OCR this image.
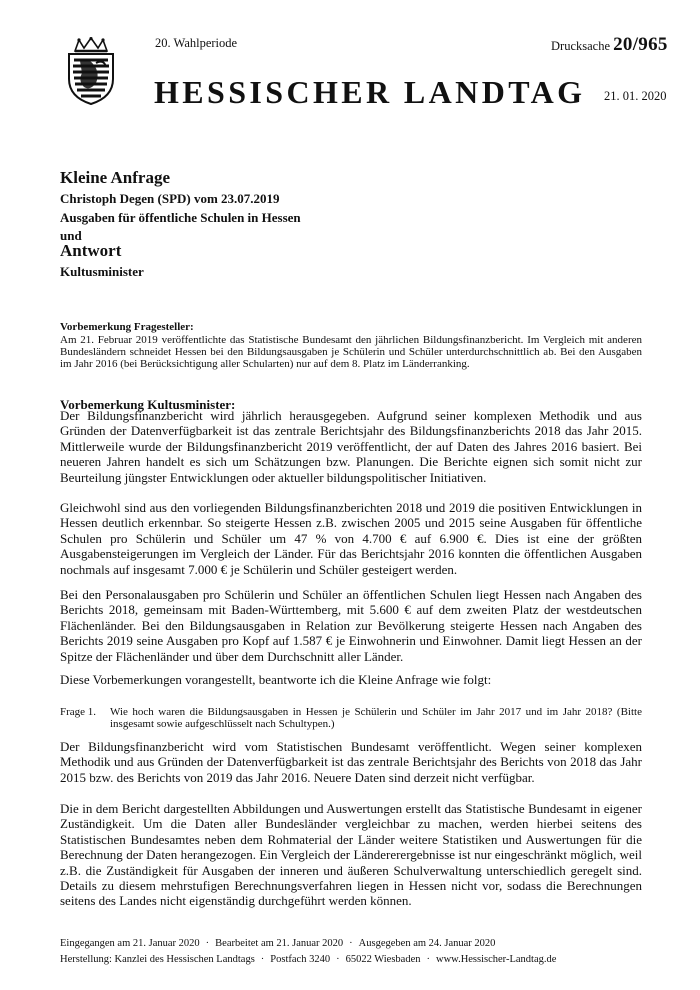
20. Wahlperiode	Drucksache 20/965
HESSISCHER LANDTAG 21. 01. 2020
Kleine Anfrage
Christoph Degen (SPD) vom 23.07.2019
Ausgaben für öffentliche Schulen in Hessen
und
Antwort
Kultusminister
Vorbemerkung Fragesteller:
Am 21. Februar 2019 veröffentlichte das Statistische Bundesamt den jährlichen Bildungsfinanzbericht. Im Vergleich mit anderen Bundesländern schneidet Hessen bei den Bildungsausgaben je Schülerin und Schüler unterdurchschnittlich ab. Bei den Ausgaben im Jahr 2016 (bei Berücksichtigung aller Schularten) nur auf dem 8. Platz im Länderranking.
Vorbemerkung Kultusminister:

Der Bildungsfinanzbericht wird jährlich herausgegeben. Aufgrund seiner komplexen Methodik und aus Gründen der Datenverfügbarkeit ist das zentrale Berichtsjahr des Bildungsfinanzberichts 2018 das Jahr 2015. Mittlerweile wurde der Bildungsfinanzbericht 2019 veröffentlicht, der auf Daten des Jahres 2016 basiert. Bei neueren Jahren handelt es sich um Schätzungen bzw. Planungen. Die Berichte eignen sich somit nicht zur Beurteilung jüngster Entwicklungen oder aktueller bildungspolitischer Initiativen.

Gleichwohl sind aus den vorliegenden Bildungsfinanzberichten 2018 und 2019 die positiven Entwicklungen in Hessen deutlich erkennbar. So steigerte Hessen z.B. zwischen 2005 und 2015 seine Ausgaben für öffentliche Schulen pro Schülerin und Schüler um 47 % von 4.700 € auf 6.900 €. Dies ist eine der größten Ausgabensteigerungen im Vergleich der Länder. Für das Berichtsjahr 2016 konnten die öffentlichen Ausgaben nochmals auf insgesamt 7.000 € je Schülerin und Schüler gesteigert werden.

Bei den Personalausgaben pro Schülerin und Schüler an öffentlichen Schulen liegt Hessen nach Angaben des Berichts 2018, gemeinsam mit Baden-Württemberg, mit 5.600 € auf dem zweiten Platz der westdeutschen Flächenländer. Bei den Bildungsausgaben in Relation zur Bevölkerung steigerte Hessen nach Angaben des Berichts 2019 seine Ausgaben pro Kopf auf 1.587 € je Einwohnerin und Einwohner. Damit liegt Hessen an der Spitze der Flächenländer und über dem Durchschnitt aller Länder.

Diese Vorbemerkungen vorangestellt, beantworte ich die Kleine Anfrage wie folgt:

Frage 1. Wie hoch waren die Bildungsausgaben in Hessen je Schülerin und Schüler im Jahr 2017 und im Jahr 2018? (Bitte insgesamt sowie aufgeschlüsselt nach Schultypen.)

Der Bildungsfinanzbericht wird vom Statistischen Bundesamt veröffentlicht. Wegen seiner komplexen Methodik und aus Gründen der Datenverfügbarkeit ist das zentrale Berichtsjahr des Berichts von 2018 das Jahr 2015 bzw. des Berichts von 2019 das Jahr 2016. Neuere Daten sind derzeit nicht verfügbar.

Die in dem Bericht dargestellten Abbildungen und Auswertungen erstellt das Statistische Bundesamt in eigener Zuständigkeit. Um die Daten aller Bundesländer vergleichbar zu machen, werden hierbei seitens des Statistischen Bundesamtes neben dem Rohmaterial der Länder weitere Statistiken und Auswertungen für die Berechnung der Daten herangezogen. Ein Vergleich der Ländererergebnisse ist nur eingeschränkt möglich, weil z.B. die Zuständigkeit für Ausgaben der inneren und äußeren Schulverwaltung unterschiedlich geregelt sind. Details zu diesem mehrstufigen Berechnungsverfahren liegen in Hessen nicht vor, sodass die Berechnungen seitens des Landes nicht eigenständig durchgeführt werden können.

Eingegangen am 21. Januar 2020 · Bearbeitet am 21. Januar 2020 · Ausgegeben am 24. Januar 2020
Herstellung: Kanzlei des Hessischen Landtags · Postfach 3240 · 65022 Wiesbaden · www.Hessischer-Landtag.de
